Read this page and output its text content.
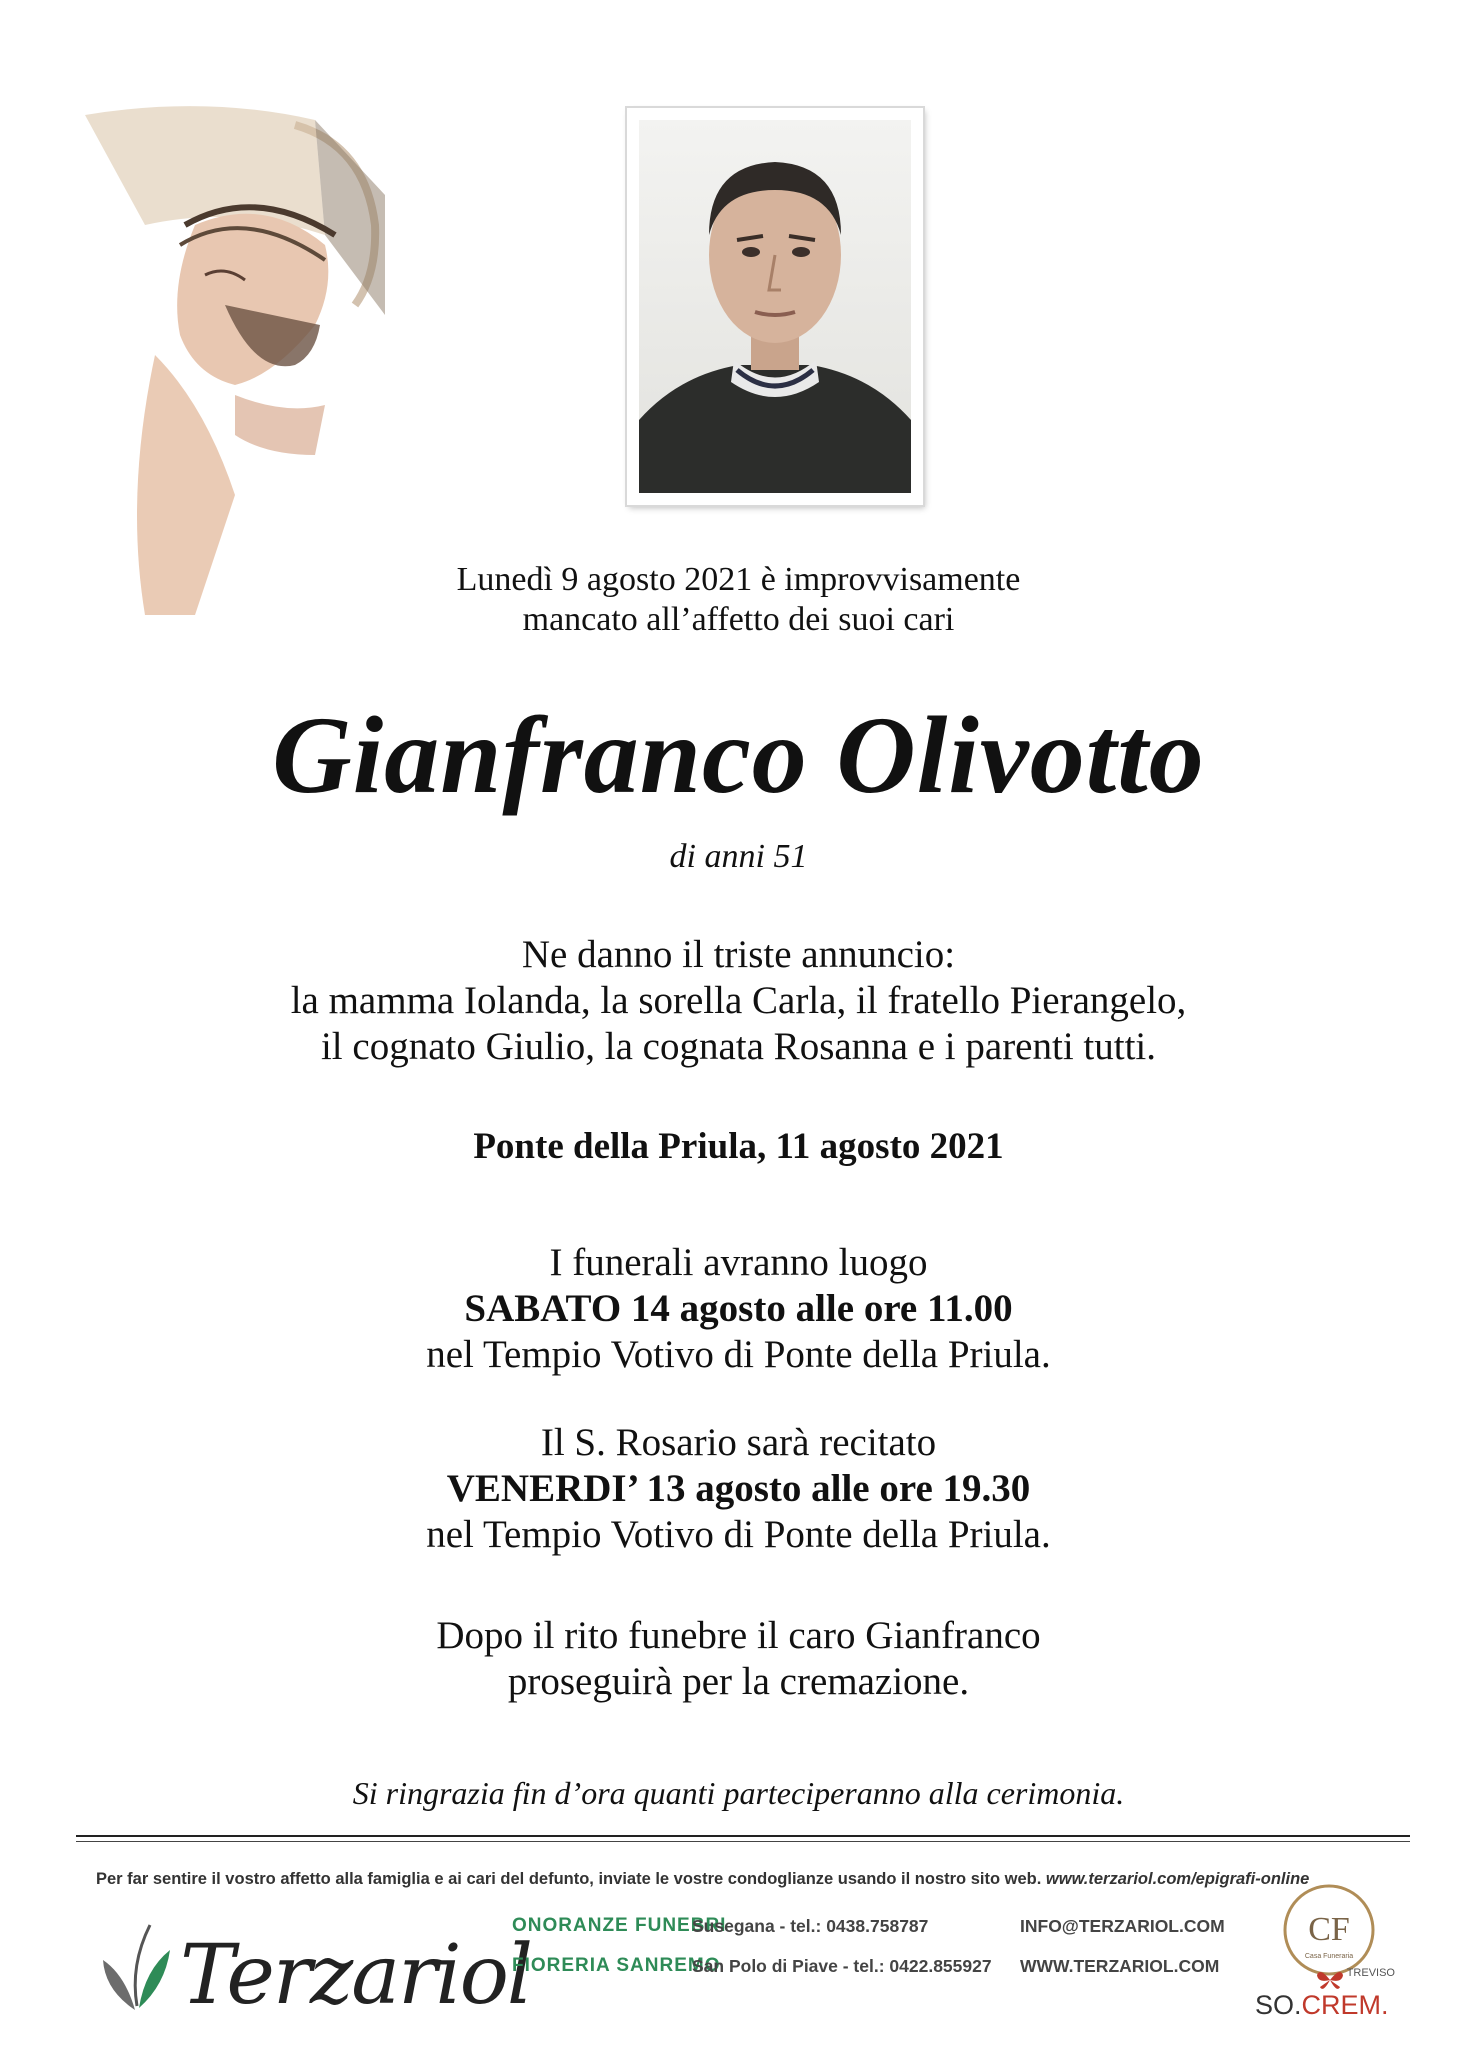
Lunedì 9 agosto 2021 è improvvisamente
mancato all’affetto dei suoi cari
Gianfranco Olivotto
di anni 51
Ne danno il triste annuncio:
la mamma Iolanda, la sorella Carla, il fratello Pierangelo,
il cognato Giulio, la cognata Rosanna e i parenti tutti.
Ponte della Priula, 11 agosto 2021
I funerali avranno luogo
SABATO 14 agosto alle ore 11.00
nel Tempio Votivo di Ponte della Priula.
Il S. Rosario sarà recitato
VENERDI’ 13 agosto alle ore 19.30
nel Tempio Votivo di Ponte della Priula.
Dopo il rito funebre il caro Gianfranco
proseguirà per la cremazione.
Si ringrazia fin d’ora quanti parteciperanno alla cerimonia.
Per far sentire il vostro affetto alla famiglia e ai cari del defunto, inviate le vostre condoglianze usando il nostro sito web. www.terzariol.com/epigrafi-online
Terzariol
ONORANZE FUNEBRI
FIORERIA SANREMO
Susegana - tel.: 0438.758787
San Polo di Piave - tel.: 0422.855927
INFO@TERZARIOL.COM
WWW.TERZARIOL.COM
CF
Casa Funeraria
TREVISO
SO.CREM.
